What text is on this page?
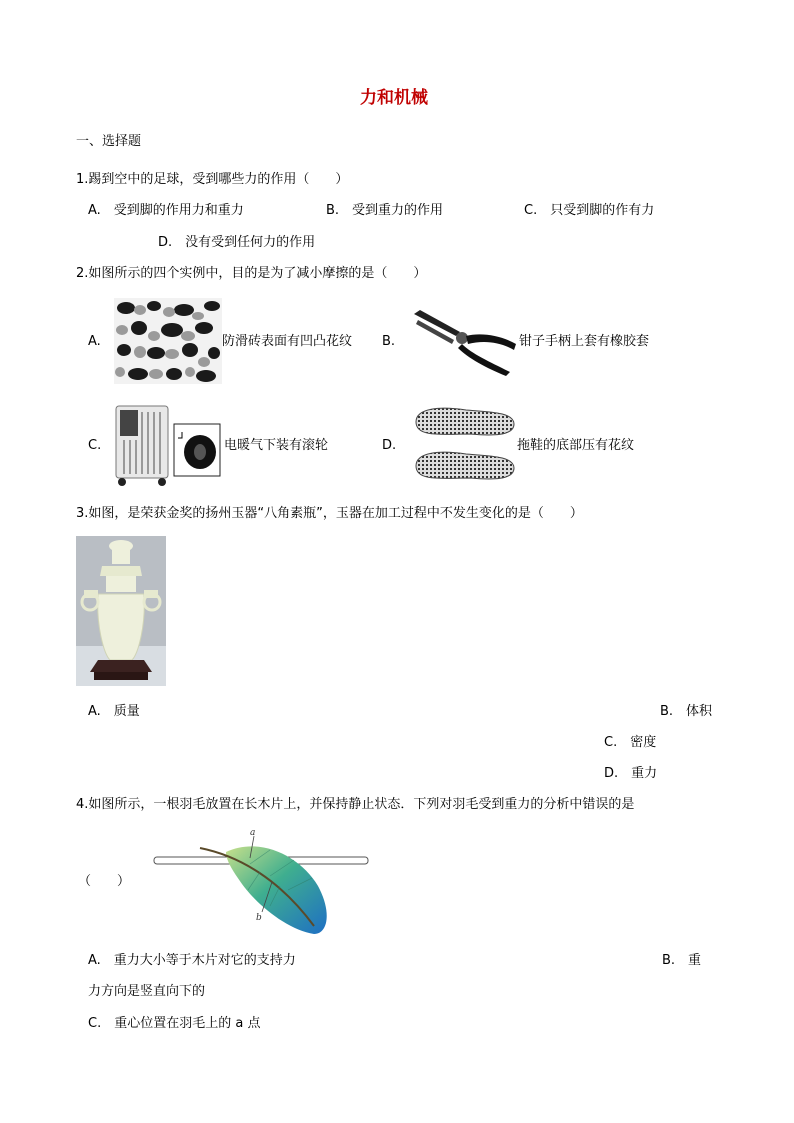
力和机械
一、选择题
1.踢到空中的足球，受到哪些力的作用（　　）
A.　受到脚的作用力和重力	B.　受到重力的作用	C.　只受到脚的作有力
D.　没有受到任何力的作用
2.如图所示的四个实例中，目的是为了减小摩擦的是（　　）
A.	防滑砖表面有凹凸花纹 B.	钳子手柄上套有橡胶套
C.	电暖气下装有滚轮	D.	拖鞋的底部压有花纹
3.如图，是荣获金奖的扬州玉器“八角素瓶”，玉器在加工过程中不发生变化的是（　　）
A.　质量	B.　体积
C.　密度
D.　重力
4.如图所示，一根羽毛放置在长木片上，并保持静止状态．下列对羽毛受到重力的分析中错误的是
（　　）
a
b
A.　重力大小等于木片对它的支持力	B.　重
力方向是竖直向下的
C.　重心位置在羽毛上的 a 点
